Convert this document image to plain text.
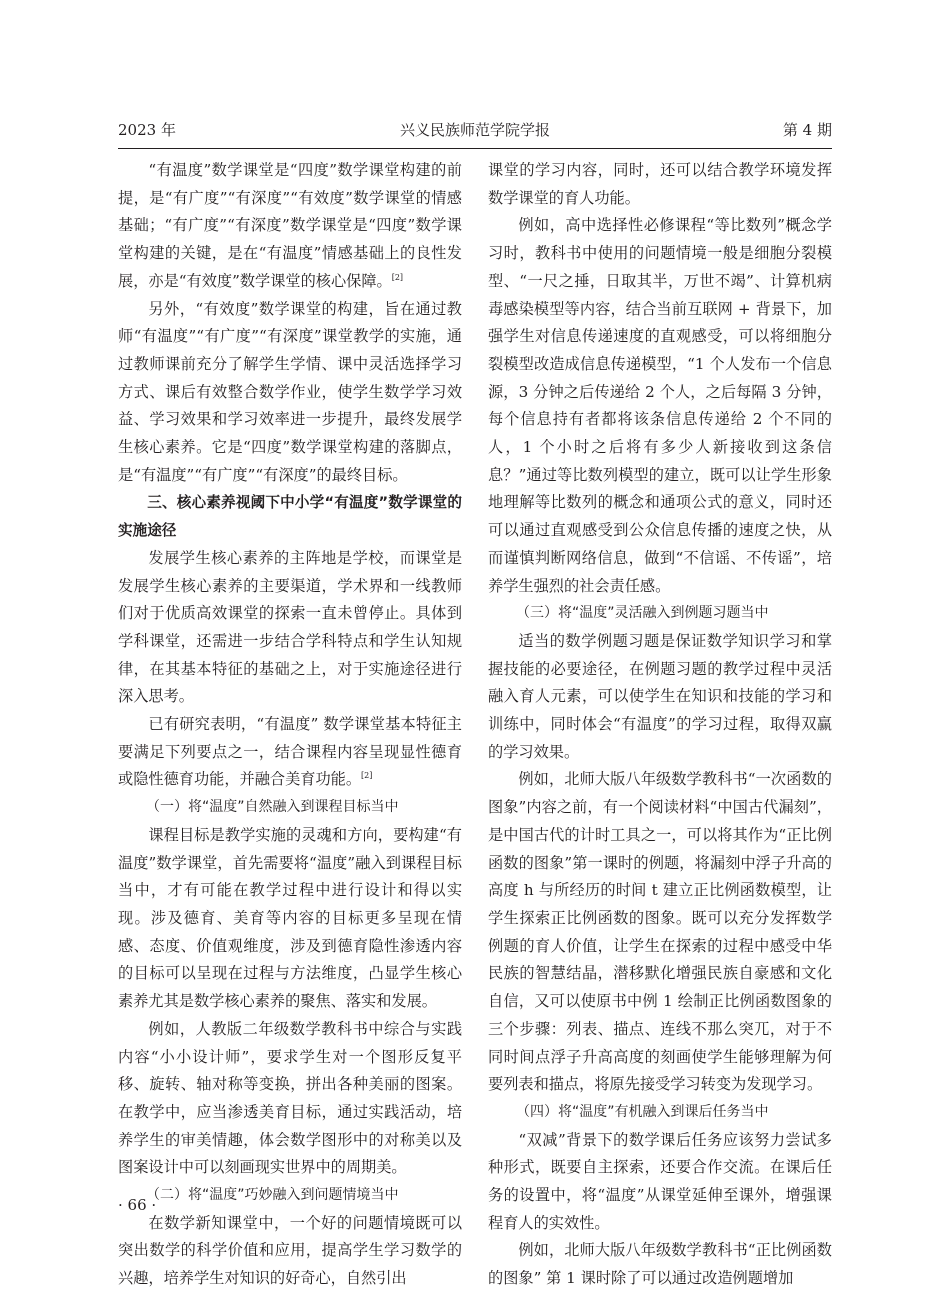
2023 年	兴义民族师范学院学报	第 4 期

“有温度”数学课堂是“四度”数学课堂构建的前提，是“有广度”“有深度”“有效度”数学课堂的情感基础；“有广度”“有深度”数学课堂是“四度”数学课堂构建的关键，是在“有温度”情感基础上的良性发展，亦是“有效度”数学课堂的核心保障。[2]

另外，“有效度”数学课堂的构建，旨在通过教师“有温度”“有广度”“有深度”课堂教学的实施，通过教师课前充分了解学生学情、课中灵活选择学习方式、课后有效整合数学作业，使学生数学学习效益、学习效果和学习效率进一步提升，最终发展学生核心素养。它是“四度”数学课堂构建的落脚点，是“有温度”“有广度”“有深度”的最终目标。

三、核心素养视阈下中小学“有温度”数学课堂的实施途径

发展学生核心素养的主阵地是学校，而课堂是发展学生核心素养的主要渠道，学术界和一线教师们对于优质高效课堂的探索一直未曾停止。具体到学科课堂，还需进一步结合学科特点和学生认知规律，在其基本特征的基础之上，对于实施途径进行深入思考。

已有研究表明，“有温度” 数学课堂基本特征主要满足下列要点之一，结合课程内容呈现显性德育或隐性德育功能，并融合美育功能。[2]

（一）将“温度”自然融入到课程目标当中

课程目标是教学实施的灵魂和方向，要构建“有温度”数学课堂，首先需要将“温度”融入到课程目标当中，才有可能在教学过程中进行设计和得以实现。涉及德育、美育等内容的目标更多呈现在情感、态度、价值观维度，涉及到德育隐性渗透内容的目标可以呈现在过程与方法维度，凸显学生核心素养尤其是数学核心素养的聚焦、落实和发展。

例如，人教版二年级数学教科书中综合与实践内容“小小设计师”，要求学生对一个图形反复平移、旋转、轴对称等变换，拼出各种美丽的图案。在教学中，应当渗透美育目标，通过实践活动，培养学生的审美情趣，体会数学图形中的对称美以及图案设计中可以刻画现实世界中的周期美。

（二）将“温度”巧妙融入到问题情境当中

在数学新知课堂中，一个好的问题情境既可以突出数学的科学价值和应用，提高学生学习数学的兴趣，培养学生对知识的好奇心，自然引出

课堂的学习内容，同时，还可以结合教学环境发挥数学课堂的育人功能。

例如，高中选择性必修课程“等比数列”概念学习时，教科书中使用的问题情境一般是细胞分裂模型、“一尺之捶，日取其半，万世不竭”、计算机病毒感染模型等内容，结合当前互联网 + 背景下，加强学生对信息传递速度的直观感受，可以将细胞分裂模型改造成信息传递模型，“1 个人发布一个信息源，3 分钟之后传递给 2 个人，之后每隔 3 分钟，每个信息持有者都将该条信息传递给 2 个不同的人，1 个小时之后将有多少人新接收到这条信息？”通过等比数列模型的建立，既可以让学生形象地理解等比数列的概念和通项公式的意义，同时还可以通过直观感受到公众信息传播的速度之快，从而谨慎判断网络信息，做到“不信谣、不传谣”，培养学生强烈的社会责任感。

（三）将“温度”灵活融入到例题习题当中

适当的数学例题习题是保证数学知识学习和掌握技能的必要途径，在例题习题的教学过程中灵活融入育人元素，可以使学生在知识和技能的学习和训练中，同时体会“有温度”的学习过程，取得双赢的学习效果。

例如，北师大版八年级数学教科书“一次函数的图象”内容之前，有一个阅读材料“中国古代漏刻”，是中国古代的计时工具之一，可以将其作为“正比例函数的图象”第一课时的例题，将漏刻中浮子升高的高度 h 与所经历的时间 t 建立正比例函数模型，让学生探索正比例函数的图象。既可以充分发挥数学例题的育人价值，让学生在探索的过程中感受中华民族的智慧结晶，潜移默化增强民族自豪感和文化自信，又可以使原书中例 1 绘制正比例函数图象的三个步骤：列表、描点、连线不那么突兀，对于不同时间点浮子升高高度的刻画使学生能够理解为何要列表和描点，将原先接受学习转变为发现学习。

（四）将“温度”有机融入到课后任务当中

“双减”背景下的数学课后任务应该努力尝试多种形式，既要自主探索，还要合作交流。在课后任务的设置中，将“温度”从课堂延伸至课外，增强课程育人的实效性。

例如，北师大版八年级数学教科书“正比例函数的图象” 第 1 课时除了可以通过改造例题增加

· 66 ·
